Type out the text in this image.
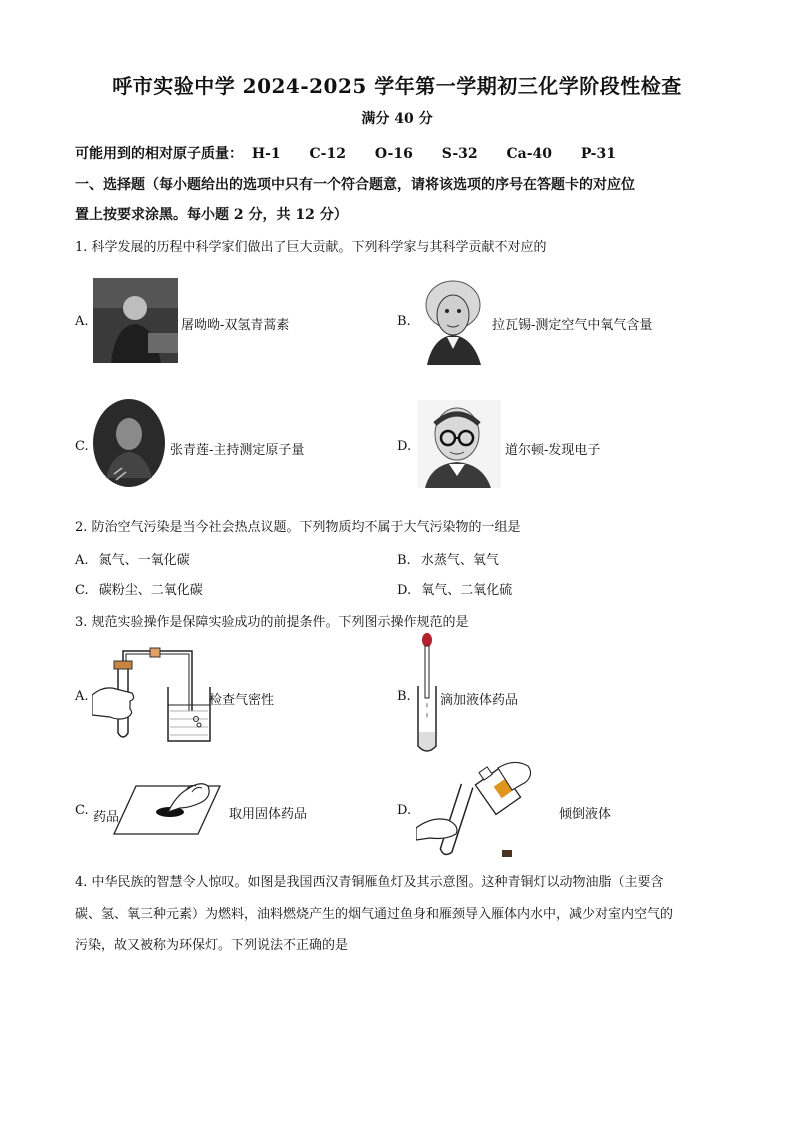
呼市实验中学 2024-2025 学年第一学期初三化学阶段性检查
满分 40 分
可能用到的相对原子质量： H-1 C-12 O-16 S-32 Ca-40 P-31
一、选择题（每小题给出的选项中只有一个符合题意，请将该选项的序号在答题卡的对应位
置上按要求涂黑。每小题 2 分，共 12 分）
1. 科学发展的历程中科学家们做出了巨大贡献。下列科学家与其科学贡献不对应的
A.	屠呦呦-双氢青蒿素	B.	拉瓦锡-测定空气中氧气含量
C.	张青莲-主持测定原子量	D.	道尔顿-发现电子
2. 防治空气污染是当今社会热点议题。下列物质均不属于大气污染物的一组是
A. 氮气、一氧化碳	B. 水蒸气、氧气
C. 碳粉尘、二氧化碳	D. 氧气、二氧化硫
3. 规范实验操作是保障实验成功的前提条件。下列图示操作规范的是
A.	检查气密性	B. 滴加液体药品
C. 药品	取用固体药品	D.	倾倒液体
4. 中华民族的智慧令人惊叹。如图是我国西汉青铜雁鱼灯及其示意图。这种青铜灯以动物油脂（主要含
碳、氢、氧三种元素）为燃料，油料燃烧产生的烟气通过鱼身和雁颈导入雁体内水中，减少对室内空气的
污染，故又被称为环保灯。下列说法不正确的是
